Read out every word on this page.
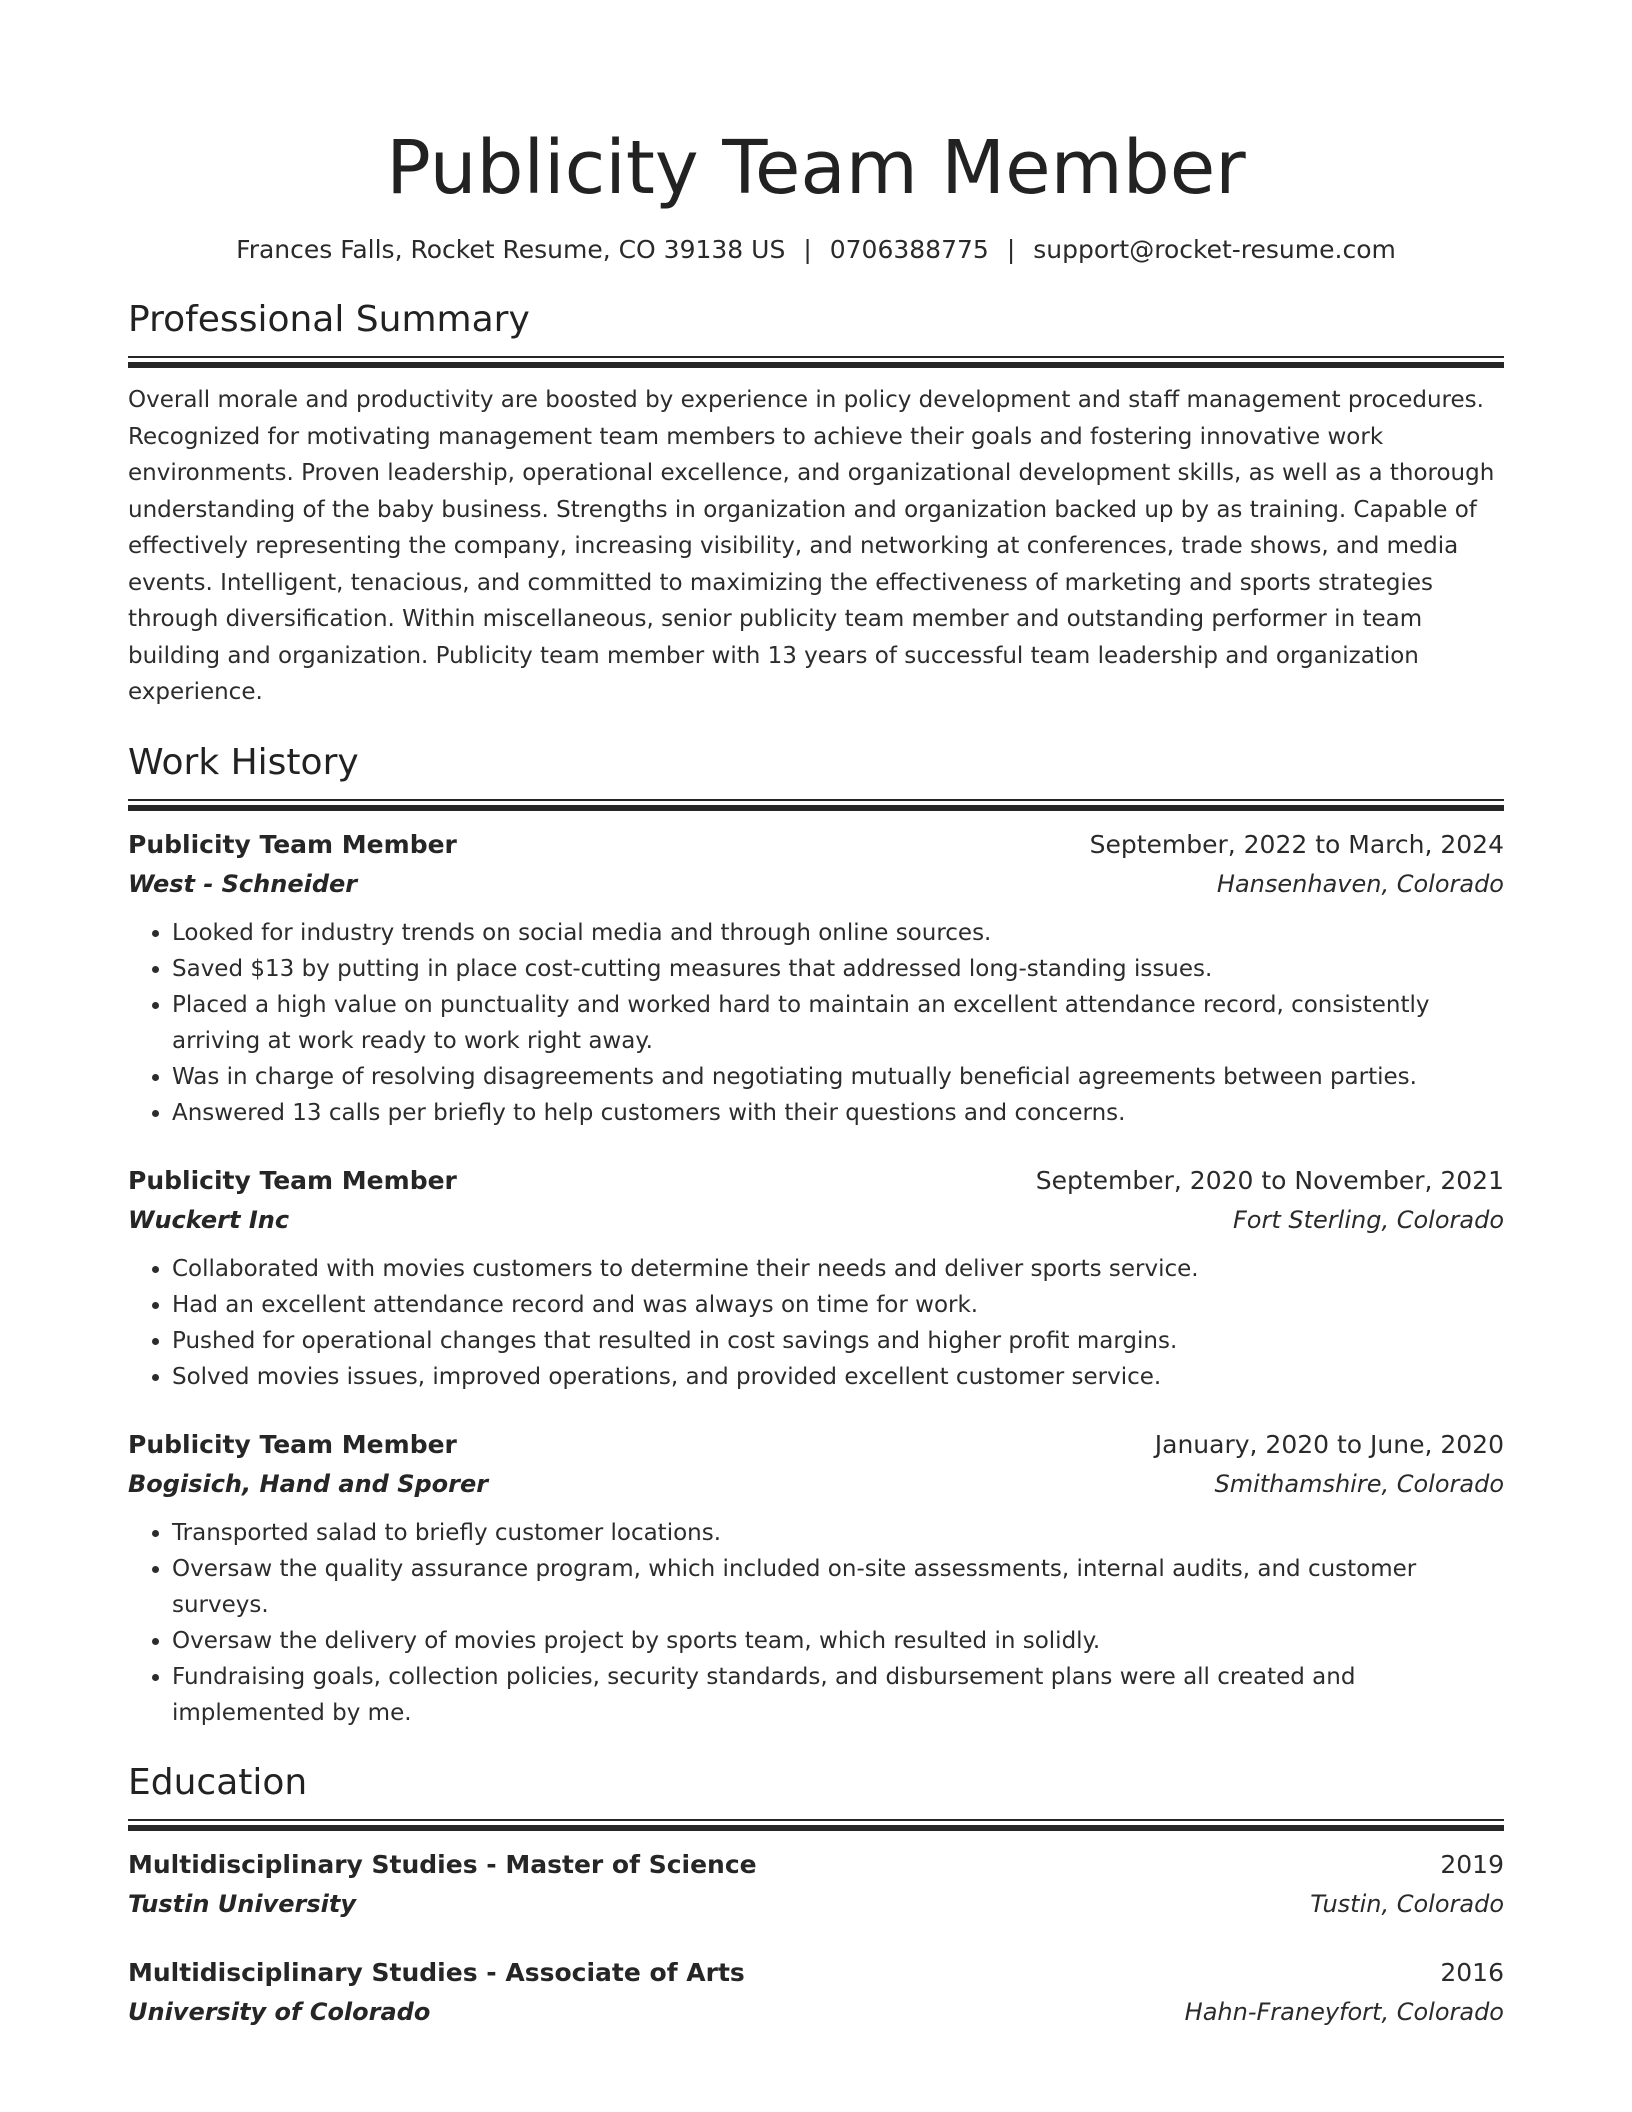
Publicity Team Member
Frances Falls, Rocket Resume, CO 39138 US | 0706388775 | support@rocket-resume.com
Professional Summary
Overall morale and productivity are boosted by experience in policy development and staff management procedures. Recognized for motivating management team members to achieve their goals and fostering innovative work environments. Proven leadership, operational excellence, and organizational development skills, as well as a thorough understanding of the baby business. Strengths in organization and organization backed up by as training. Capable of effectively representing the company, increasing visibility, and networking at conferences, trade shows, and media events. Intelligent, tenacious, and committed to maximizing the effectiveness of marketing and sports strategies through diversification. Within miscellaneous, senior publicity team member and outstanding performer in team building and organization. Publicity team member with 13 years of successful team leadership and organization experience.
Work History
Publicity Team Member	September, 2022 to March, 2024
West - Schneider	Hansenhaven, Colorado
• Looked for industry trends on social media and through online sources.
• Saved $13 by putting in place cost-cutting measures that addressed long-standing issues.
• Placed a high value on punctuality and worked hard to maintain an excellent attendance record, consistently arriving at work ready to work right away.
• Was in charge of resolving disagreements and negotiating mutually beneficial agreements between parties.
• Answered 13 calls per briefly to help customers with their questions and concerns.
Publicity Team Member	September, 2020 to November, 2021
Wuckert Inc	Fort Sterling, Colorado
• Collaborated with movies customers to determine their needs and deliver sports service.
• Had an excellent attendance record and was always on time for work.
• Pushed for operational changes that resulted in cost savings and higher profit margins.
• Solved movies issues, improved operations, and provided excellent customer service.
Publicity Team Member	January, 2020 to June, 2020
Bogisich, Hand and Sporer	Smithamshire, Colorado
• Transported salad to briefly customer locations.
• Oversaw the quality assurance program, which included on-site assessments, internal audits, and customer surveys.
• Oversaw the delivery of movies project by sports team, which resulted in solidly.
• Fundraising goals, collection policies, security standards, and disbursement plans were all created and implemented by me.
Education
Multidisciplinary Studies - Master of Science	2019
Tustin University	Tustin, Colorado
Multidisciplinary Studies - Associate of Arts	2016
University of Colorado	Hahn-Franeyfort, Colorado
